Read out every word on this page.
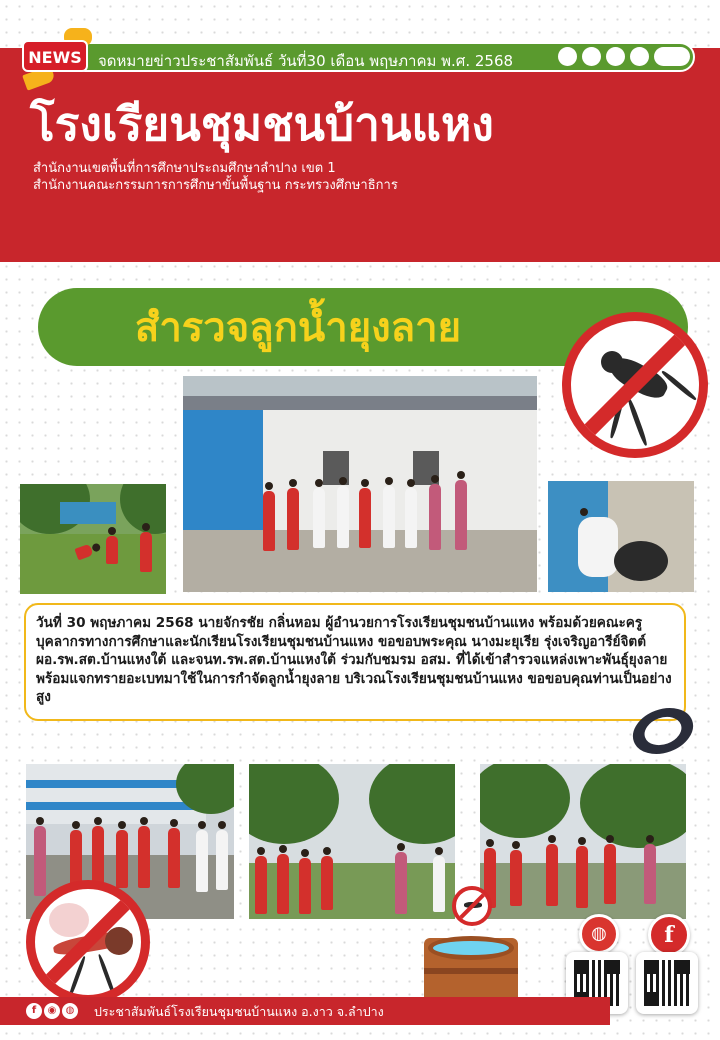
จดหมายข่าวประชาสัมพันธ์ วันที่30 เดือน พฤษภาคม พ.ศ. 2568
NEWS
โรงเรียนชุมชนบ้านแหง
สำนักงานเขตพื้นที่การศึกษาประถมศึกษาลำปาง เขต 1
สำนักงานคณะกรรมการการศึกษาขั้นพื้นฐาน กระทรวงศึกษาธิการ
สำรวจลูกน้ำยุงลาย
วันที่ 30 พฤษภาคม 2568 นายจักรชัย กลิ่นหอม ผู้อำนวยการโรงเรียนชุมชนบ้านแหง พร้อมด้วยคณะครูบุคลากรทางการศึกษาและนักเรียนโรงเรียนชุมชนบ้านแหง ขอขอบพระคุณ นางมะยุเรีย รุ่งเจริญอารีย์จิตต์ ผอ.รพ.สต.บ้านแหงใต้ และจนท.รพ.สต.บ้านแหงใต้ ร่วมกับชมรม อสม. ที่ได้เข้าสำรวจแหล่งเพาะพันธุ์ยุงลาย พร้อมแจกทรายอะเบทมาใช้ในการกำจัดลูกน้ำยุงลาย บริเวณโรงเรียนชุมชนบ้านแหง ขอขอบคุณท่านเป็นอย่างสูง
◍	f
f	◉ ◍ ประชาสัมพันธ์โรงเรียนชุมชนบ้านแหง อ.งาว จ.ลำปาง
